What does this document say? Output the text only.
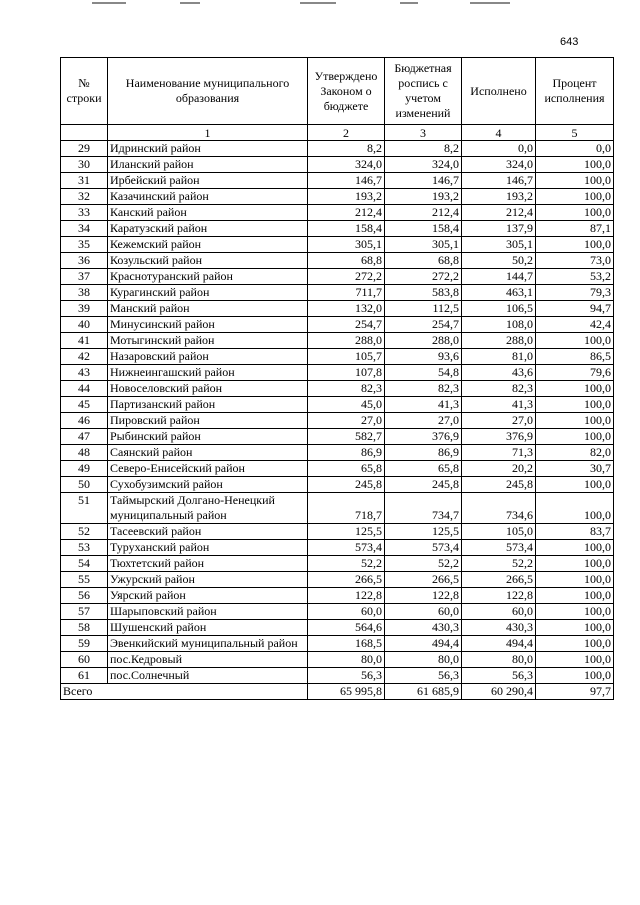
643
№ строки	Наименование муниципального образования	Утверждено Законом о бюджете	Бюджетная роспись с учетом изменений	Исполнено	Процент исполнения
	1	2	3	4	5
29	Идринский район	8,2	8,2	0,0	0,0
30	Иланский район	324,0	324,0	324,0	100,0
31	Ирбейский район	146,7	146,7	146,7	100,0
32	Казачинский район	193,2	193,2	193,2	100,0
33	Канский район	212,4	212,4	212,4	100,0
34	Каратузский район	158,4	158,4	137,9	87,1
35	Кежемский район	305,1	305,1	305,1	100,0
36	Козульский район	68,8	68,8	50,2	73,0
37	Краснотуранский район	272,2	272,2	144,7	53,2
38	Курагинский район	711,7	583,8	463,1	79,3
39	Манский район	132,0	112,5	106,5	94,7
40	Минусинский район	254,7	254,7	108,0	42,4
41	Мотыгинский район	288,0	288,0	288,0	100,0
42	Назаровский район	105,7	93,6	81,0	86,5
43	Нижнеингашский район	107,8	54,8	43,6	79,6
44	Новоселовский район	82,3	82,3	82,3	100,0
45	Партизанский район	45,0	41,3	41,3	100,0
46	Пировский район	27,0	27,0	27,0	100,0
47	Рыбинский район	582,7	376,9	376,9	100,0
48	Саянский район	86,9	86,9	71,3	82,0
49	Северо-Енисейский район	65,8	65,8	20,2	30,7
50	Сухобузимский район	245,8	245,8	245,8	100,0
51	Таймырский Долгано-Ненецкий муниципальный район	718,7	734,7	734,6	100,0
52	Тасеевский район	125,5	125,5	105,0	83,7
53	Туруханский район	573,4	573,4	573,4	100,0
54	Тюхтетский район	52,2	52,2	52,2	100,0
55	Ужурский район	266,5	266,5	266,5	100,0
56	Уярский район	122,8	122,8	122,8	100,0
57	Шарыповский район	60,0	60,0	60,0	100,0
58	Шушенский район	564,6	430,3	430,3	100,0
59	Эвенкийский муниципальный район	168,5	494,4	494,4	100,0
60	пос.Кедровый	80,0	80,0	80,0	100,0
61	пос.Солнечный	56,3	56,3	56,3	100,0
Всего		65 995,8	61 685,9	60 290,4	97,7
